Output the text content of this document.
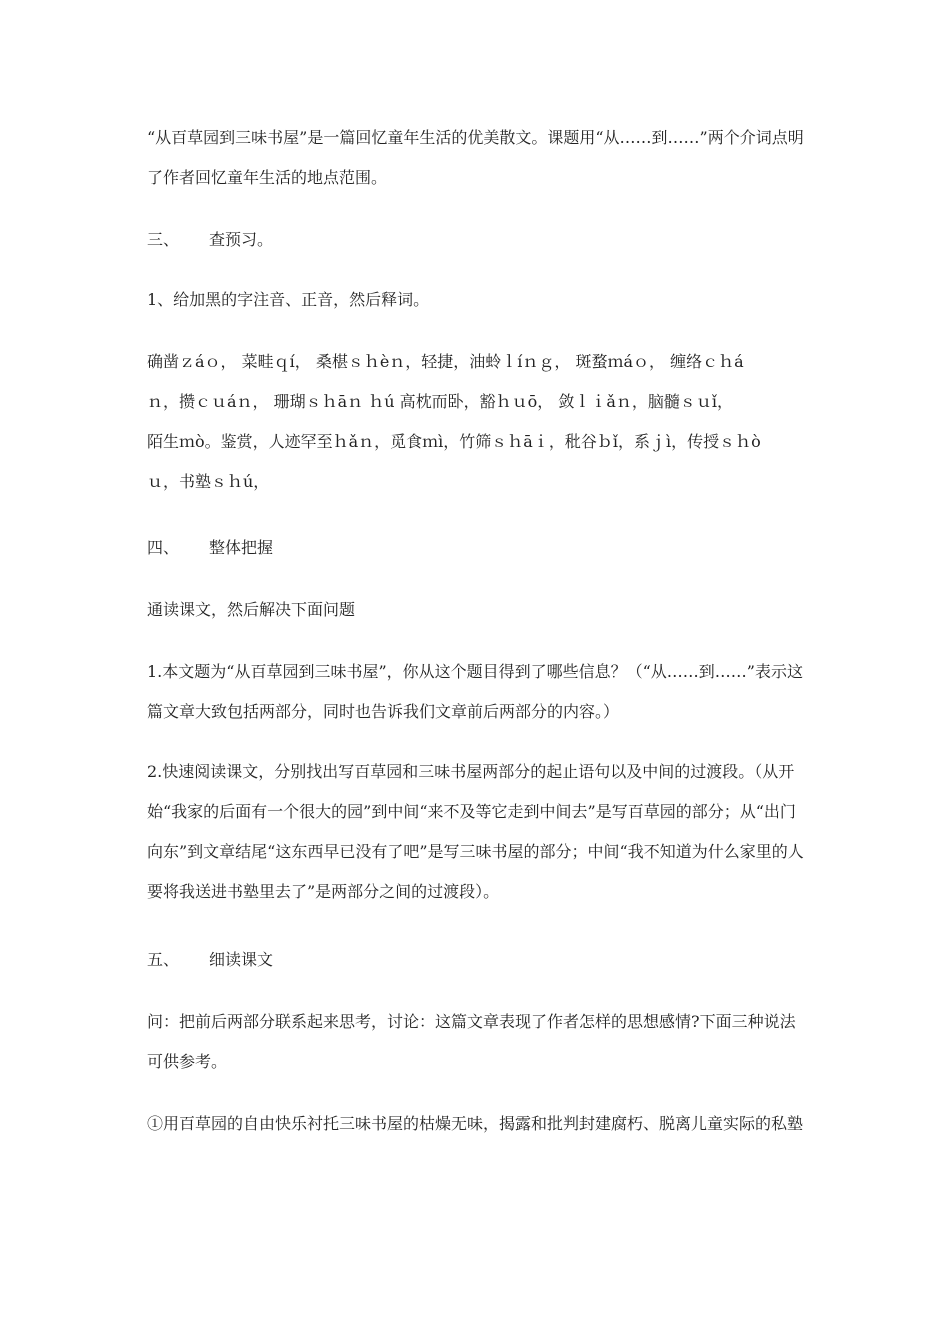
“从百草园到三味书屋”是一篇回忆童年生活的优美散文。课题用“从……到……”两个介词点明了作者回忆童年生活的地点范围。

三、 查预习。

1、给加黑的字注音、正音，然后释词。

确凿ｚáｏ， 菜畦ｑí， 桑椹ｓｈèｎ，轻捷，油蛉ｌíｎｇ， 斑蝥ｍáｏ， 缠络ｃｈá

ｎ，攒ｃｕáｎ， 珊瑚ｓｈāｎ ｈú 高枕而卧，豁ｈｕō， 敛ｌｉǎｎ，脑髓ｓｕǐ，

陌生ｍò。鉴赏，人迹罕至ｈǎｎ，觅食ｍì，竹筛ｓｈāｉ，秕谷ｂǐ，系ｊì，传授ｓｈò

ｕ，书塾ｓｈú，

四、 整体把握

通读课文，然后解决下面问题

1.本文题为“从百草园到三味书屋”，你从这个题目得到了哪些信息？（“从……到……”表示这篇文章大致包括两部分，同时也告诉我们文章前后两部分的内容。）

2.快速阅读课文，分别找出写百草园和三味书屋两部分的起止语句以及中间的过渡段。（从开始“我家的后面有一个很大的园”到中间“来不及等它走到中间去”是写百草园的部分；从“出门向东”到文章结尾“这东西早已没有了吧”是写三味书屋的部分；中间“我不知道为什么家里的人要将我送进书塾里去了”是两部分之间的过渡段）。

五、 细读课文

问：把前后两部分联系起来思考，讨论：这篇文章表现了作者怎样的思想感情?下面三种说法可供参考。

①用百草园的自由快乐衬托三味书屋的枯燥无味，揭露和批判封建腐朽、脱离儿童实际的私塾
